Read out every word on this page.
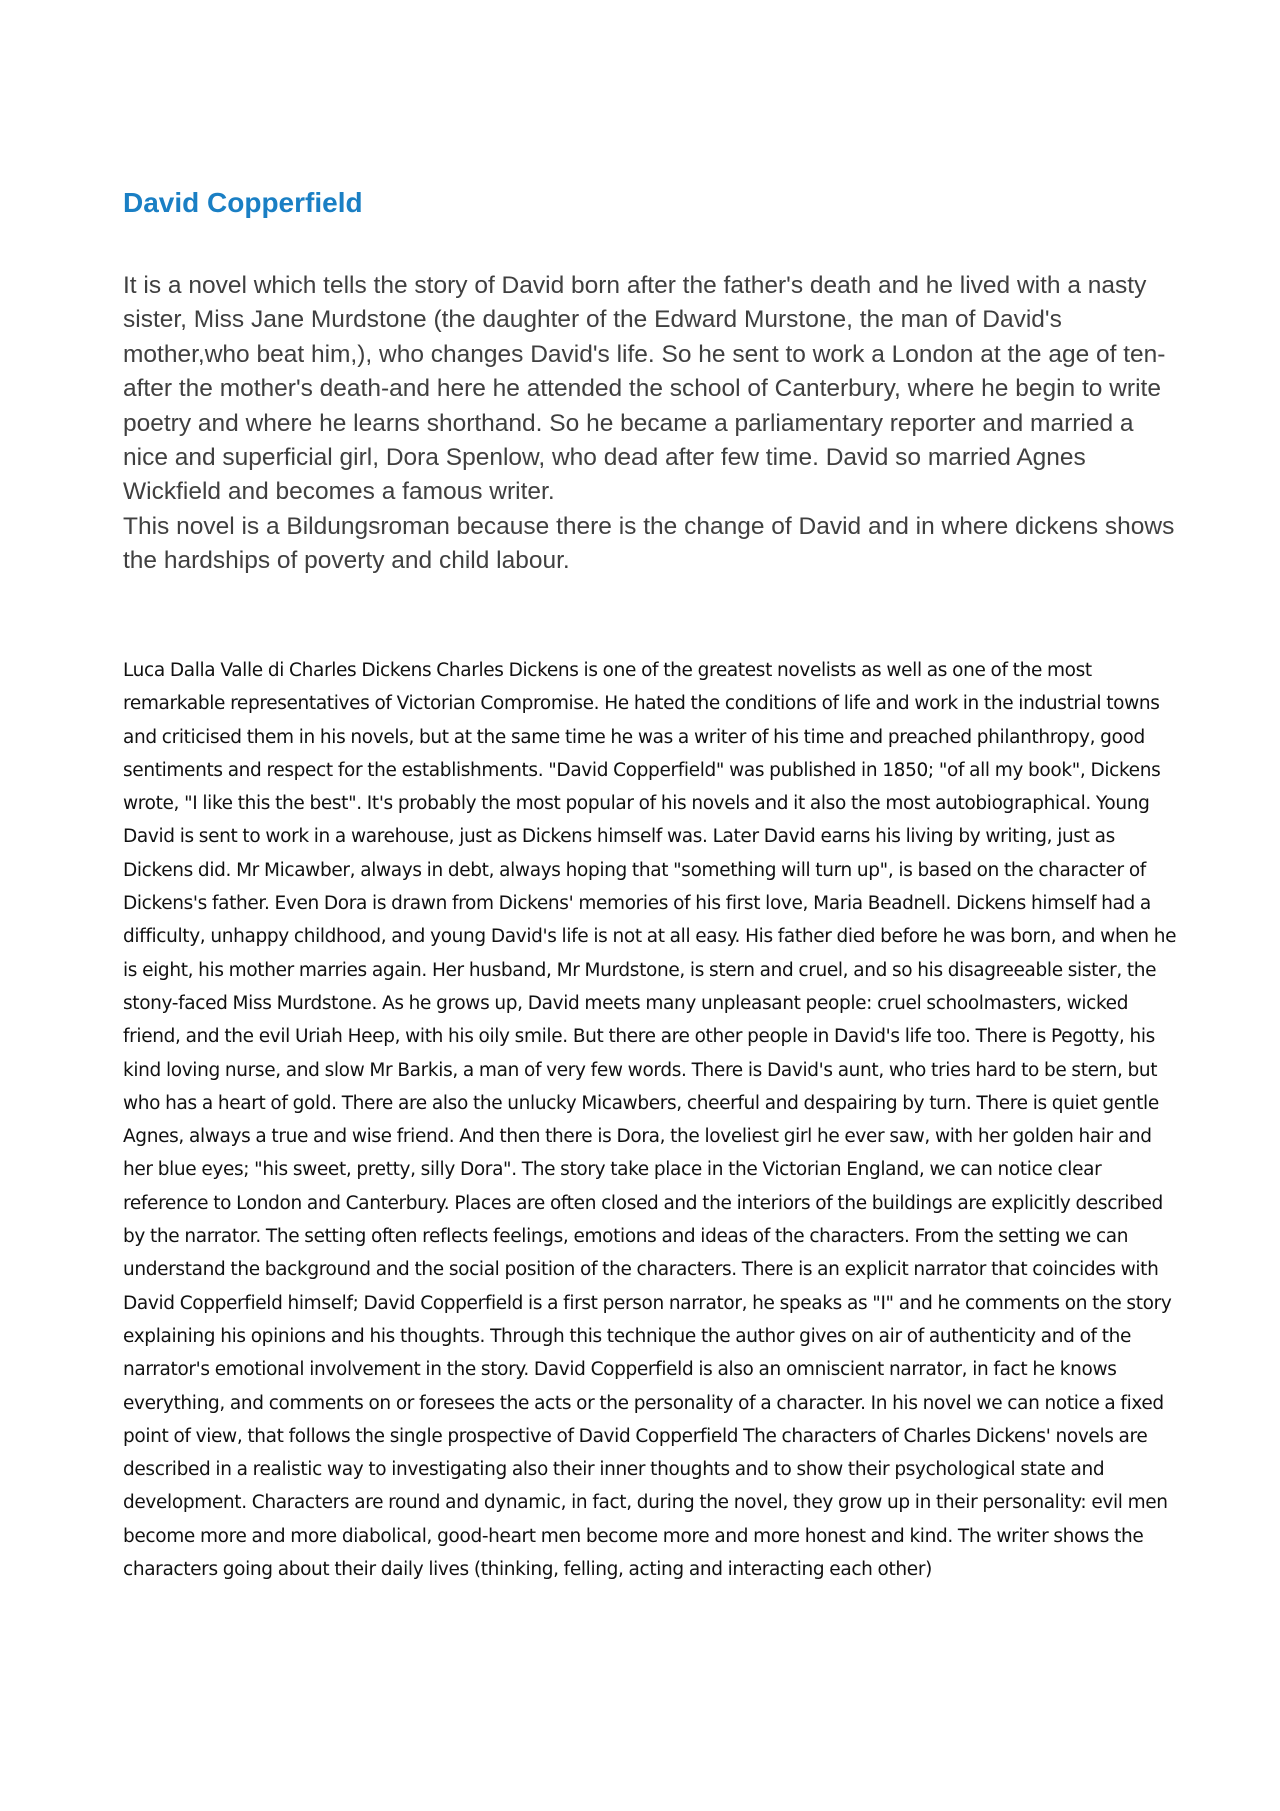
David Copperfield

It is a novel which tells the story of David born after the father's death and he lived with a nasty sister, Miss Jane Murdstone (the daughter of the Edward Murstone, the man of David's mother,who beat him,), who changes David's life. So he sent to work a London at the age of ten-after the mother's death-and here he attended the school of Canterbury, where he begin to write poetry and where he learns shorthand. So he became a parliamentary reporter and married a nice and superficial girl, Dora Spenlow, who dead after few time. David so married Agnes Wickfield and becomes a famous writer.

This novel is a Bildungsroman because there is the change of David and in where dickens shows the hardships of poverty and child labour.

Luca Dalla Valle di Charles Dickens Charles Dickens is one of the greatest novelists as well as one of the most remarkable representatives of Victorian Compromise. He hated the conditions of life and work in the industrial towns and criticised them in his novels, but at the same time he was a writer of his time and preached philanthropy, good sentiments and respect for the establishments. "David Copperfield" was published in 1850; "of all my book", Dickens wrote, "I like this the best". It's probably the most popular of his novels and it also the most autobiographical. Young David is sent to work in a warehouse, just as Dickens himself was. Later David earns his living by writing, just as Dickens did. Mr Micawber, always in debt, always hoping that "something will turn up", is based on the character of Dickens's father. Even Dora is drawn from Dickens' memories of his first love, Maria Beadnell. Dickens himself had a difficulty, unhappy childhood, and young David's life is not at all easy. His father died before he was born, and when he is eight, his mother marries again. Her husband, Mr Murdstone, is stern and cruel, and so his disagreeable sister, the stony-faced Miss Murdstone. As he grows up, David meets many unpleasant people: cruel schoolmasters, wicked friend, and the evil Uriah Heep, with his oily smile. But there are other people in David's life too. There is Pegotty, his kind loving nurse, and slow Mr Barkis, a man of very few words. There is David's aunt, who tries hard to be stern, but who has a heart of gold. There are also the unlucky Micawbers, cheerful and despairing by turn. There is quiet gentle Agnes, always a true and wise friend. And then there is Dora, the loveliest girl he ever saw, with her golden hair and her blue eyes; "his sweet, pretty, silly Dora". The story take place in the Victorian England, we can notice clear reference to London and Canterbury. Places are often closed and the interiors of the buildings are explicitly described by the narrator. The setting often reflects feelings, emotions and ideas of the characters. From the setting we can understand the background and the social position of the characters. There is an explicit narrator that coincides with David Copperfield himself; David Copperfield is a first person narrator, he speaks as "I" and he comments on the story explaining his opinions and his thoughts. Through this technique the author gives on air of authenticity and of the narrator's emotional involvement in the story. David Copperfield is also an omniscient narrator, in fact he knows everything, and comments on or foresees the acts or the personality of a character. In his novel we can notice a fixed point of view, that follows the single prospective of David Copperfield The characters of Charles Dickens' novels are described in a realistic way to investigating also their inner thoughts and to show their psychological state and development. Characters are round and dynamic, in fact, during the novel, they grow up in their personality: evil men become more and more diabolical, good-heart men become more and more honest and kind. The writer shows the characters going about their daily lives (thinking, felling, acting and interacting each other)
